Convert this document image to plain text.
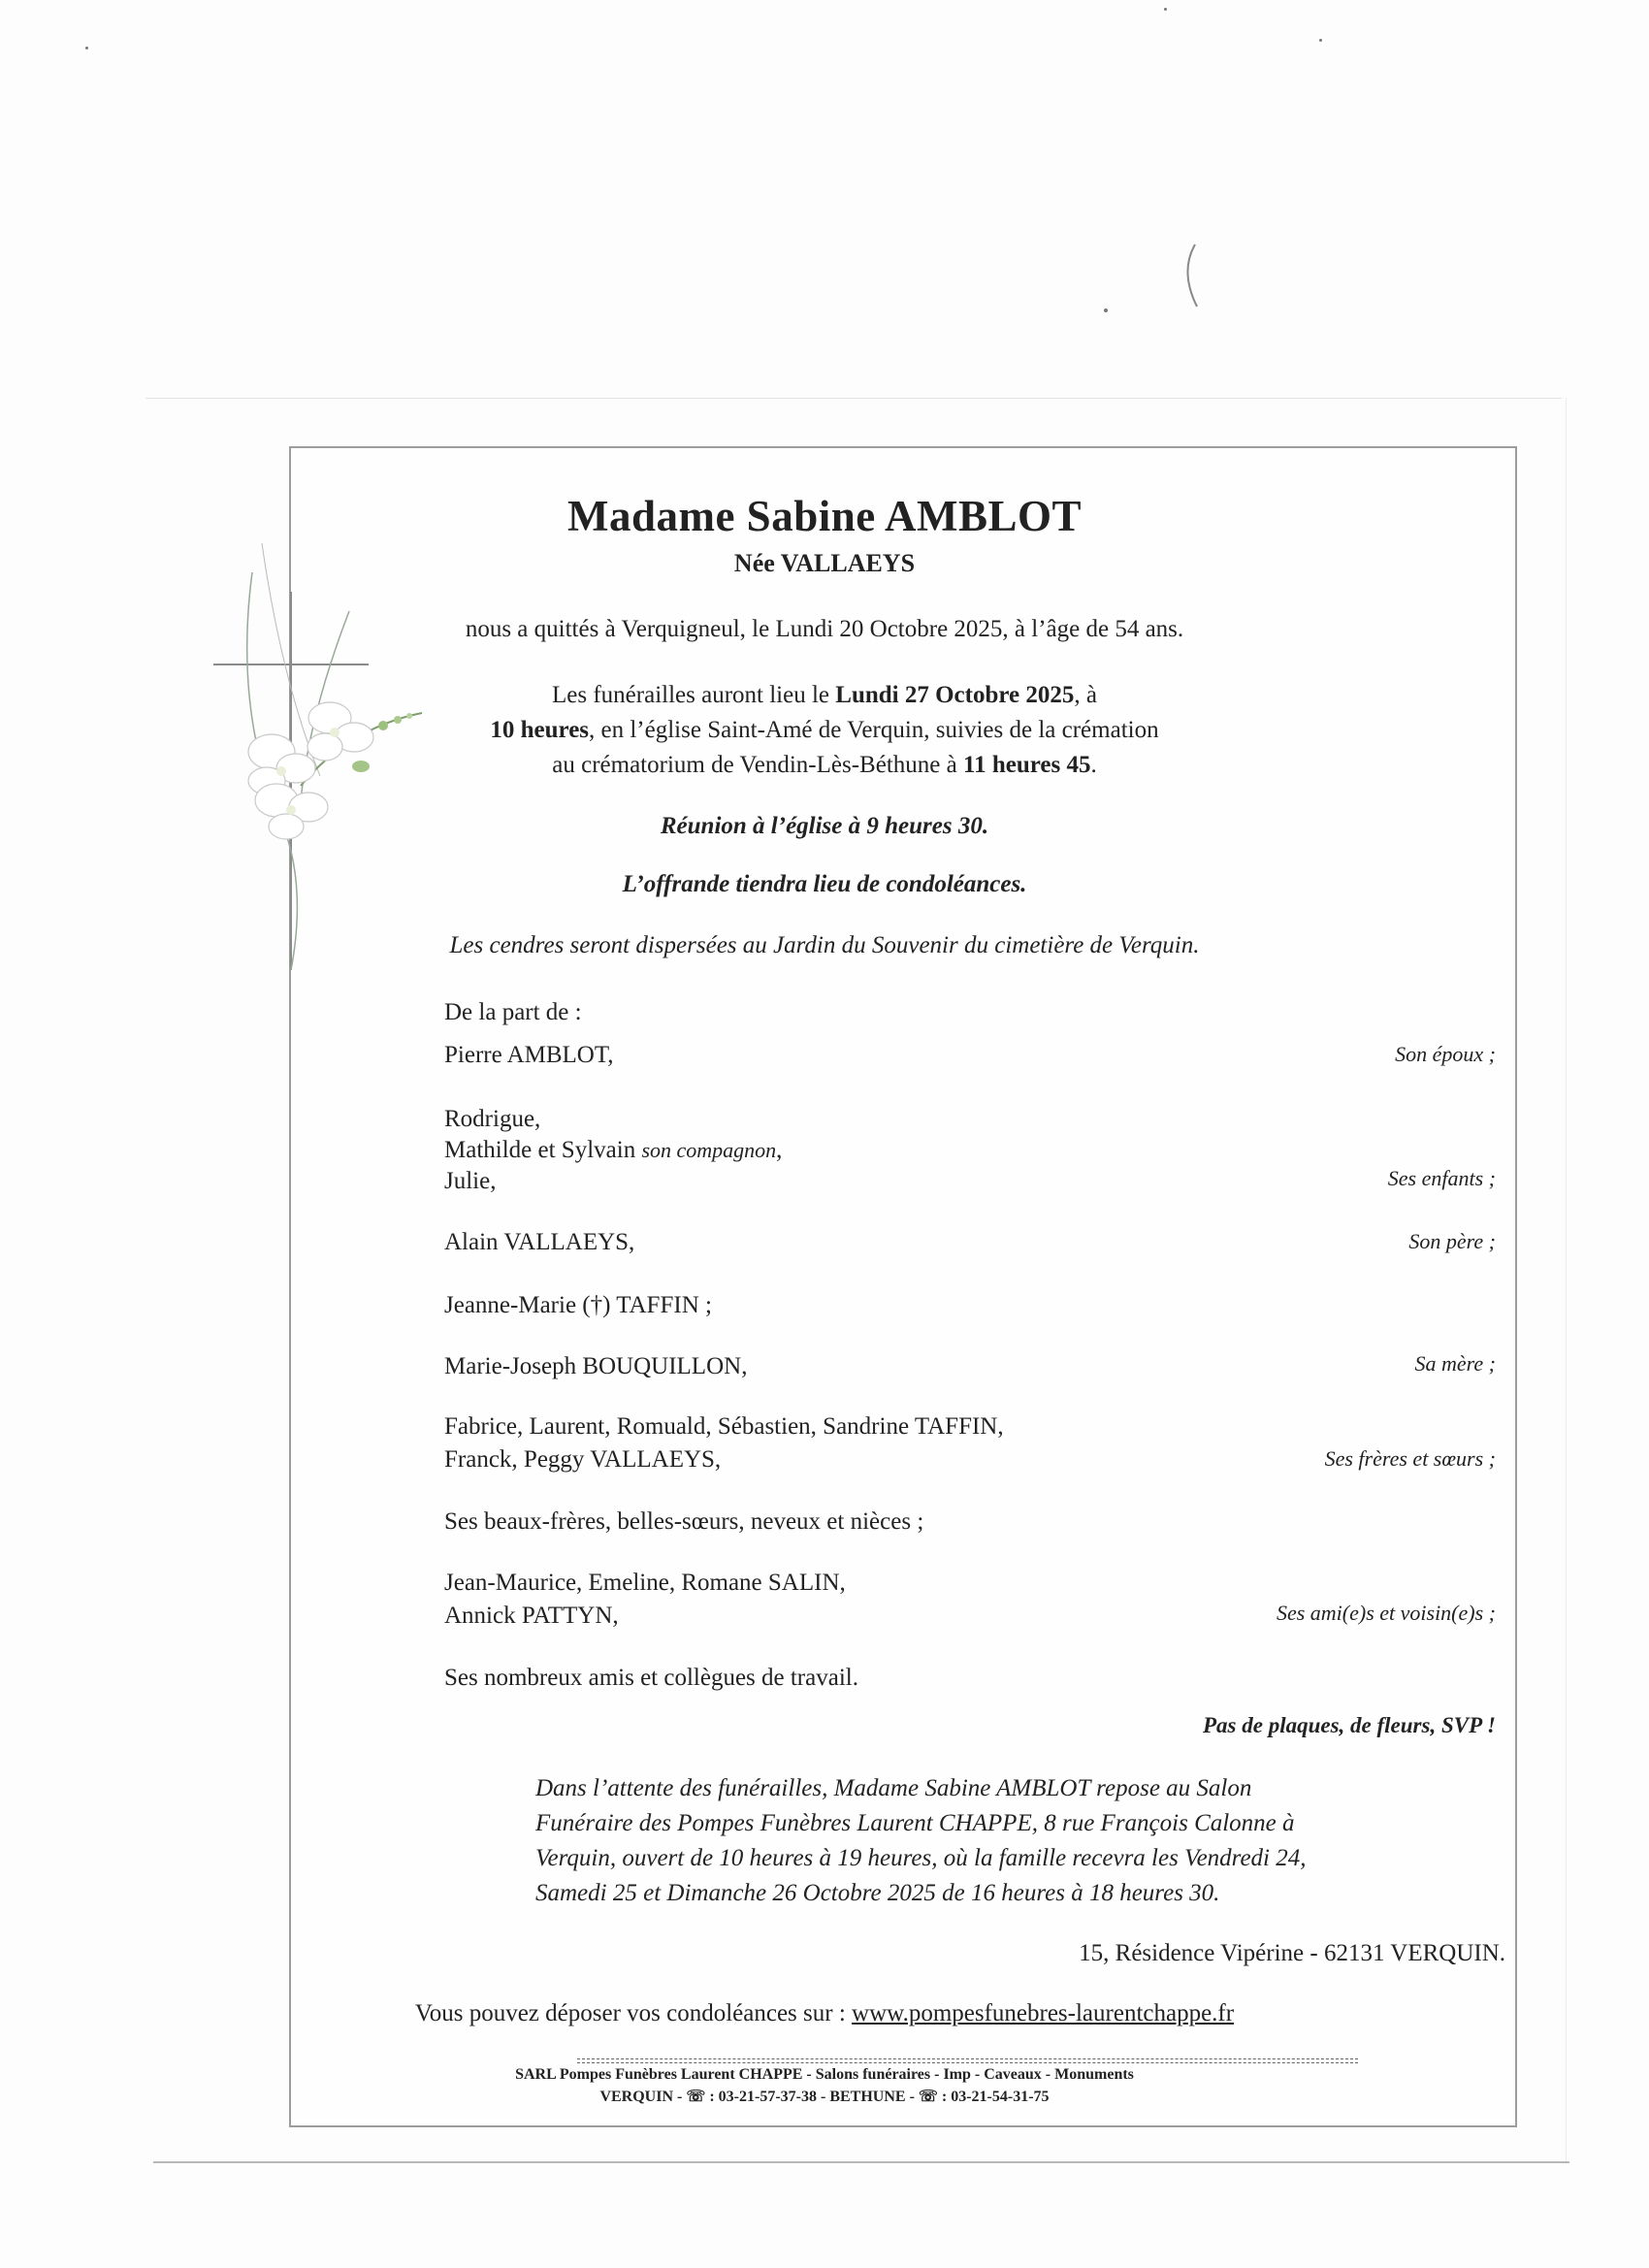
Madame Sabine AMBLOT
Née VALLAEYS
nous a quittés à Verquigneul, le Lundi 20 Octobre 2025, à l’âge de 54 ans.
Les funérailles auront lieu le Lundi 27 Octobre 2025, à
10 heures, en l’église Saint-Amé de Verquin, suivies de la crémation
au crématorium de Vendin-Lès-Béthune à 11 heures 45.
Réunion à l’église à 9 heures 30.
L’offrande tiendra lieu de condoléances.
Les cendres seront dispersées au Jardin du Souvenir du cimetière de Verquin.
De la part de :
Pierre AMBLOT,	Son époux ;
Rodrigue,
Mathilde et Sylvain son compagnon,
Julie,	Ses enfants ;
Alain VALLAEYS,	Son père ;
Jeanne-Marie (†) TAFFIN ;
Marie-Joseph BOUQUILLON,	Sa mère ;
Fabrice, Laurent, Romuald, Sébastien, Sandrine TAFFIN,
Franck, Peggy VALLAEYS,	Ses frères et sœurs ;
Ses beaux-frères, belles-sœurs, neveux et nièces ;
Jean-Maurice, Emeline, Romane SALIN,
Annick PATTYN,	Ses ami(e)s et voisin(e)s ;
Ses nombreux amis et collègues de travail.
Pas de plaques, de fleurs, SVP !
Dans l’attente des funérailles, Madame Sabine AMBLOT repose au Salon
Funéraire des Pompes Funèbres Laurent CHAPPE, 8 rue François Calonne à
Verquin, ouvert de 10 heures à 19 heures, où la famille recevra les Vendredi 24,
Samedi 25 et Dimanche 26 Octobre 2025 de 16 heures à 18 heures 30.
15, Résidence Vipérine - 62131 VERQUIN.
Vous pouvez déposer vos condoléances sur : www.pompesfunebres-laurentchappe.fr
SARL Pompes Funèbres Laurent CHAPPE - Salons funéraires - Imp - Caveaux - Monuments
VERQUIN - ☏ : 03-21-57-37-38 - BETHUNE - ☏ : 03-21-54-31-75
